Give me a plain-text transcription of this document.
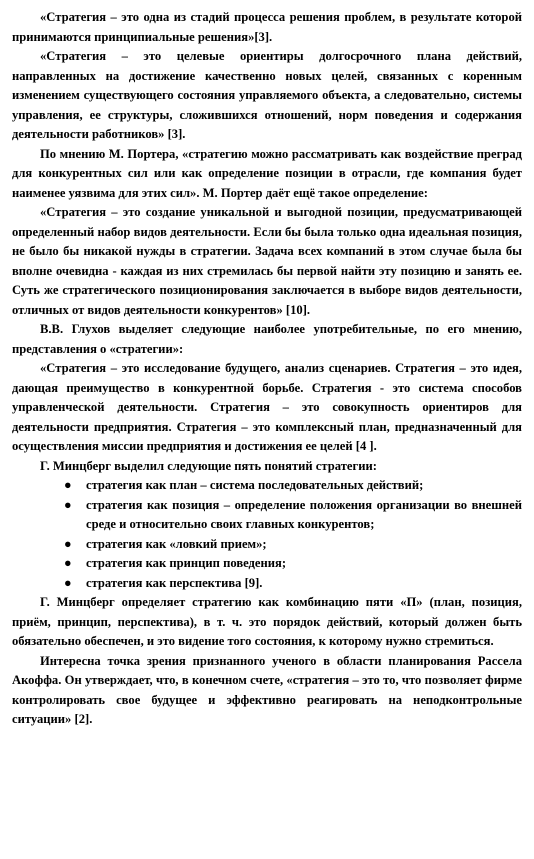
«Стратегия – это одна из стадий процесса решения проблем, в результате которой принимаются принципиальные решения»[3].

«Стратегия – это целевые ориентиры долгосрочного плана действий, направленных на достижение качественно новых целей, связанных с коренным изменением существующего состояния управляемого объекта, а следовательно, системы управления, ее структуры, сложившихся отношений, норм поведения и содержания деятельности работников» [3].

По мнению М. Портера, «стратегию можно рассматривать как воздействие преград для конкурентных сил или как определение позиции в отрасли, где компания будет наименее уязвима для этих сил». М. Портер даёт ещё такое определение:

«Стратегия – это создание уникальной и выгодной позиции, предусматривающей определенный набор видов деятельности. Если бы была только одна идеальная позиция, не было бы никакой нужды в стратегии. Задача всех компаний в этом случае была бы вполне очевидна - каждая из них стремилась бы первой найти эту позицию и занять ее. Суть же стратегического позиционирования заключается в выборе видов деятельности, отличных от видов деятельности конкурентов» [10].

В.В. Глухов выделяет следующие наиболее употребительные, по его мнению, представления о «стратегии»:

«Стратегия – это исследование будущего, анализ сценариев. Стратегия – это идея, дающая преимущество в конкурентной борьбе. Стратегия - это система способов управленческой деятельности. Стратегия – это совокупность ориентиров для деятельности предприятия. Стратегия – это комплексный план, предназначенный для осуществления миссии предприятия и достижения ее целей [4 ].

Г. Минцберг выделил следующие пять понятий стратегии:

● стратегия как план – система последовательных действий;
● стратегия как позиция – определение положения организации во внешней среде и относительно своих главных конкурентов;
● стратегия как «ловкий прием»;
● стратегия как принцип поведения;
● стратегия как перспектива [9].

Г. Минцберг определяет стратегию как комбинацию пяти «П» (план, позиция, приём, принцип, перспектива), в т. ч. это порядок действий, который должен быть обязательно обеспечен, и это видение того состояния, к которому нужно стремиться.

Интересна точка зрения признанного ученого в области планирования Рассела Акоффа. Он утверждает, что, в конечном счете, «стратегия – это то, что позволяет фирме контролировать свое будущее и эффективно реагировать на неподконтрольные ситуации» [2].
